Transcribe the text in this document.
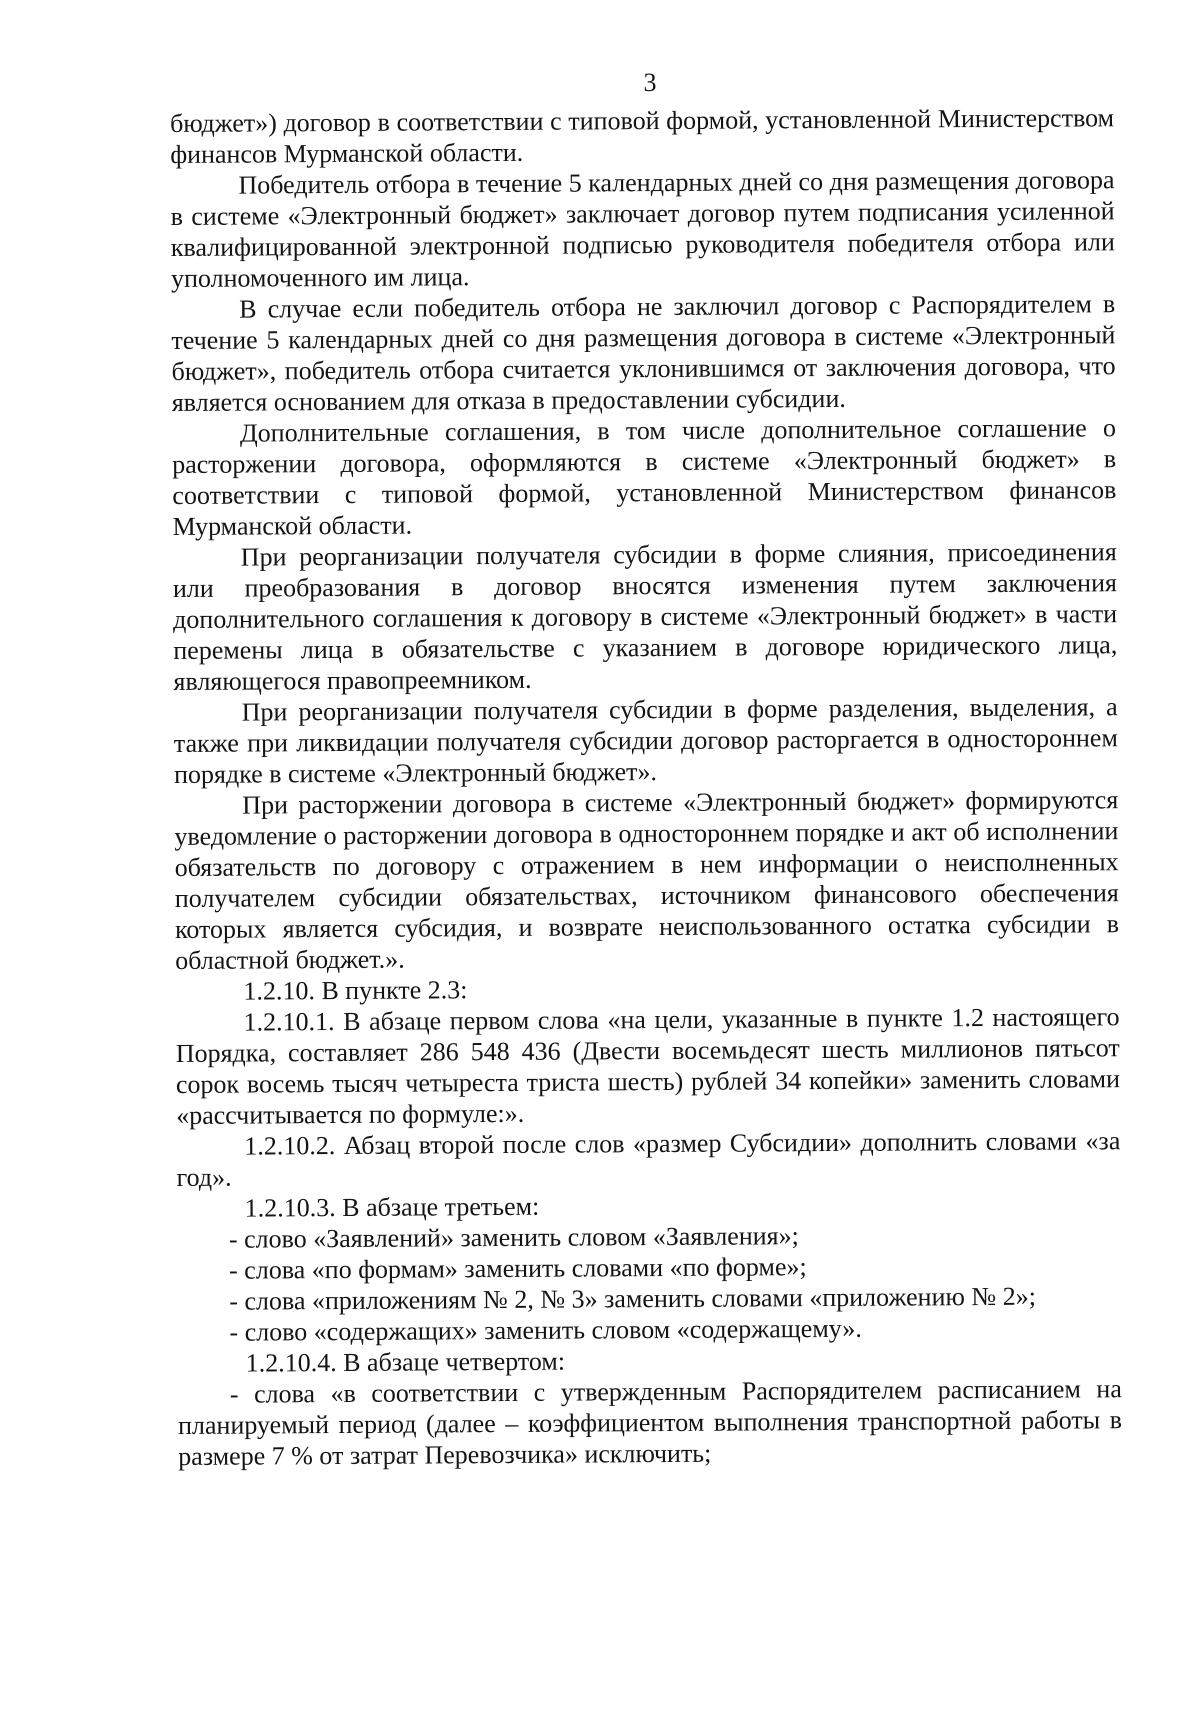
3

бюджет») договор в соответствии с типовой формой, установленной Министерством финансов Мурманской области.

Победитель отбора в течение 5 календарных дней со дня размещения договора в системе «Электронный бюджет» заключает договор путем подписания усиленной квалифицированной электронной подписью руководителя победителя отбора или уполномоченного им лица.

В случае если победитель отбора не заключил договор с Распорядителем в течение 5 календарных дней со дня размещения договора в системе «Электронный бюджет», победитель отбора считается уклонившимся от заключения договора, что является основанием для отказа в предоставлении субсидии.

Дополнительные соглашения, в том числе дополнительное соглашение о расторжении договора, оформляются в системе «Электронный бюджет» в соответствии с типовой формой, установленной Министерством финансов Мурманской области.

При реорганизации получателя субсидии в форме слияния, присоединения или преобразования в договор вносятся изменения путем заключения дополнительного соглашения к договору в системе «Электронный бюджет» в части перемены лица в обязательстве с указанием в договоре юридического лица, являющегося правопреемником.

При реорганизации получателя субсидии в форме разделения, выделения, а также при ликвидации получателя субсидии договор расторгается в одностороннем порядке в системе «Электронный бюджет».

При расторжении договора в системе «Электронный бюджет» формируются уведомление о расторжении договора в одностороннем порядке и акт об исполнении обязательств по договору с отражением в нем информации о неисполненных получателем субсидии обязательствах, источником финансового обеспечения которых является субсидия, и возврате неиспользованного остатка субсидии в областной бюджет.».

1.2.10. В пункте 2.3:

1.2.10.1. В абзаце первом слова «на цели, указанные в пункте 1.2 настоящего Порядка, составляет 286 548 436 (Двести восемьдесят шесть миллионов пятьсот сорок восемь тысяч четыреста триста шесть) рублей 34 копейки» заменить словами «рассчитывается по формуле:».

1.2.10.2. Абзац второй после слов «размер Субсидии» дополнить словами «за год».

1.2.10.3. В абзаце третьем:

- слово «Заявлений» заменить словом «Заявления»;

- слова «по формам» заменить словами «по форме»;

- слова «приложениям № 2, № 3» заменить словами «приложению № 2»;

- слово «содержащих» заменить словом «содержащему».

1.2.10.4. В абзаце четвертом:

- слова «в соответствии с утвержденным Распорядителем расписанием на планируемый период (далее – коэффициентом выполнения транспортной работы в размере 7 % от затрат Перевозчика» исключить;
